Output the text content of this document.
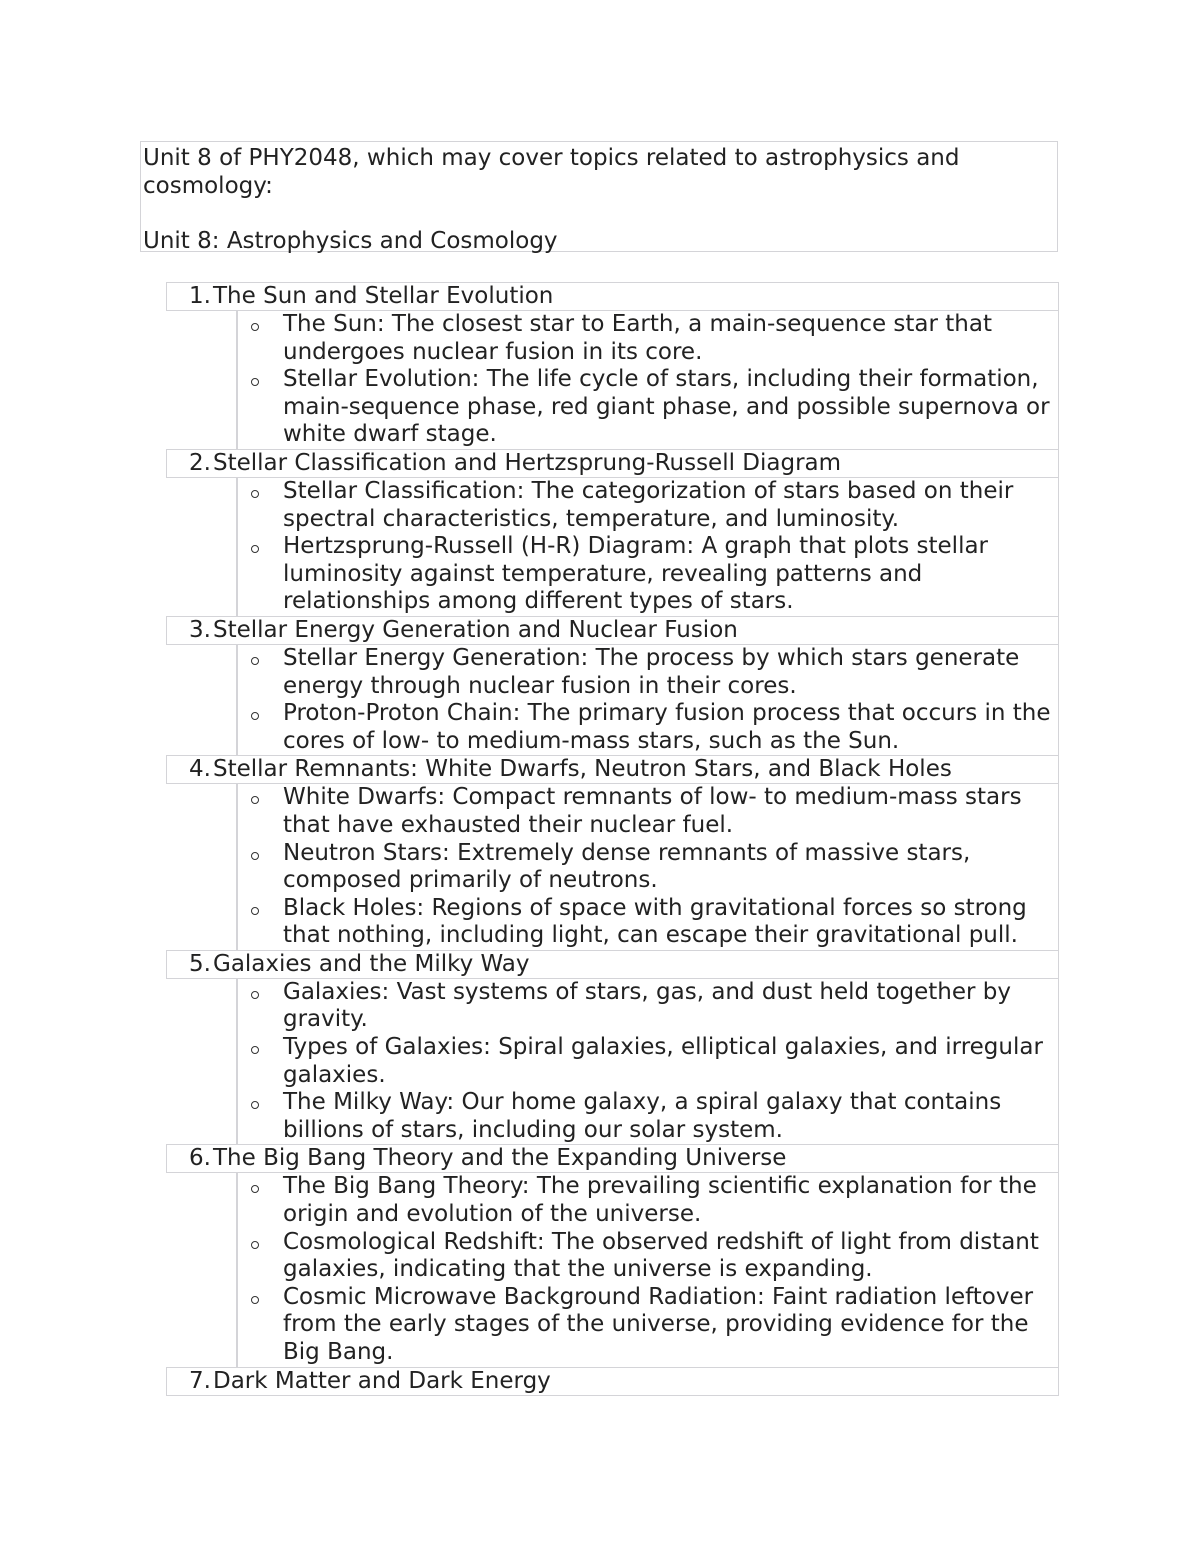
Unit 8 of PHY2048, which may cover topics related to astrophysics and cosmology:

Unit 8: Astrophysics and Cosmology

1. The Sun and Stellar Evolution
The Sun: The closest star to Earth, a main-sequence star that undergoes nuclear fusion in its core.
Stellar Evolution: The life cycle of stars, including their formation, main-sequence phase, red giant phase, and possible supernova or white dwarf stage.
2. Stellar Classification and Hertzsprung-Russell Diagram
Stellar Classification: The categorization of stars based on their spectral characteristics, temperature, and luminosity.
Hertzsprung-Russell (H-R) Diagram: A graph that plots stellar luminosity against temperature, revealing patterns and relationships among different types of stars.
3. Stellar Energy Generation and Nuclear Fusion
Stellar Energy Generation: The process by which stars generate energy through nuclear fusion in their cores.
Proton-Proton Chain: The primary fusion process that occurs in the cores of low- to medium-mass stars, such as the Sun.
4. Stellar Remnants: White Dwarfs, Neutron Stars, and Black Holes
White Dwarfs: Compact remnants of low- to medium-mass stars that have exhausted their nuclear fuel.
Neutron Stars: Extremely dense remnants of massive stars, composed primarily of neutrons.
Black Holes: Regions of space with gravitational forces so strong that nothing, including light, can escape their gravitational pull.
5. Galaxies and the Milky Way
Galaxies: Vast systems of stars, gas, and dust held together by gravity.
Types of Galaxies: Spiral galaxies, elliptical galaxies, and irregular galaxies.
The Milky Way: Our home galaxy, a spiral galaxy that contains billions of stars, including our solar system.
6. The Big Bang Theory and the Expanding Universe
The Big Bang Theory: The prevailing scientific explanation for the origin and evolution of the universe.
Cosmological Redshift: The observed redshift of light from distant galaxies, indicating that the universe is expanding.
Cosmic Microwave Background Radiation: Faint radiation leftover from the early stages of the universe, providing evidence for the Big Bang.
7. Dark Matter and Dark Energy
